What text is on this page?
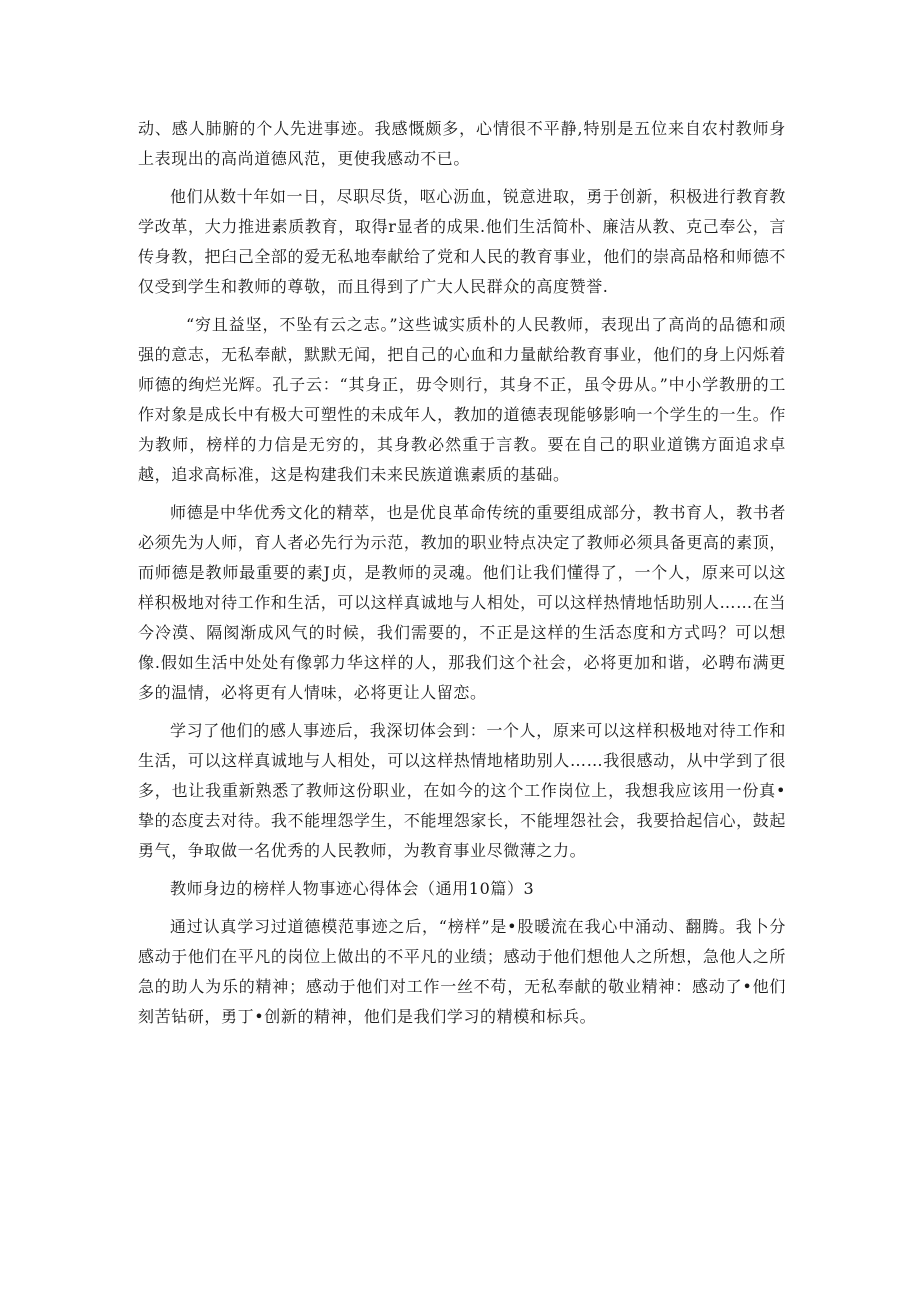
动、感人肺腑的个人先进事迹。我感慨颇多，心情很不平静,特别是五位来自农村教师身上表现出的高尚道德风范，更使我感动不已。

他们从数十年如一日，尽职尽货，呕心沥血，锐意进取，勇于创新，积极进行教育教学改革，大力推进素质教育，取得r显者的成果.他们生活简朴、廉洁从教、克己奉公，言传身教，把臼己全部的爱无私地奉献给了党和人民的教育事业，他们的崇高品格和师德不仅受到学生和教师的尊敬，而且得到了广大人民群众的高度赞誉.

“穷且益坚，不坠有云之志。”这些诚实质朴的人民教师，表现出了高尚的品德和顽强的意志，无私奉献，默默无闻，把自己的心血和力量献给教育事业，他们的身上闪烁着师德的绚烂光辉。孔子云：“其身正，毋令则行，其身不正，虽令毋从。”中小学教册的工作对象是成长中有极大可塑性的未成年人，教加的道德表现能够影响一个学生的一生。作为教师，榜样的力信是无穷的，其身教必然重于言教。要在自己的职业道镌方面追求卓越，追求高标准，这是构建我们未来民族道谯素质的基础。

师德是中华优秀文化的精萃，也是优良革命传统的重要组成部分，教书育人，教书者必须先为人师，育人者必先行为示范，教加的职业特点决定了教师必须具备更高的素顶，而师德是教师最重要的素J贞，是教师的灵魂。他们让我们懂得了，一个人，原来可以这样积极地对待工作和生活，可以这样真诚地与人相处，可以这样热情地恬助别人……在当今冷漠、隔阂渐成风气的时候，我们需要的，不正是这样的生活态度和方式吗？可以想像.假如生活中处处有像郭力华这样的人，那我们这个社会，必将更加和谐，必聘布满更多的温情，必将更有人情味，必将更让人留恋。

学习了他们的感人事迹后，我深切体会到：一个人，原来可以这样积极地对待工作和生活，可以这样真诚地与人相处，可以这样热情地楮助别人……我很感动，从中学到了很多，也让我重新熟悉了教师这份职业，在如今的这个工作岗位上，我想我应该用一份真•挚的态度去对待。我不能埋怨学生，不能埋怨家长，不能埋怨社会，我要拾起信心，鼓起勇气，争取做一名优秀的人民教师，为教育事业尽微薄之力。

教师身边的榜样人物事迹心得体会（通用10篇）3

通过认真学习过道德模范事迹之后，“榜样”是•股暖流在我心中涌动、翻腾。我卜分感动于他们在平凡的岗位上做出的不平凡的业绩；感动于他们想他人之所想，急他人之所急的助人为乐的精神；感动于他们对工作一丝不苟，无私奉献的敬业精神：感动了•他们刻苦钻研，勇丁•创新的精神，他们是我们学习的精模和标兵。
